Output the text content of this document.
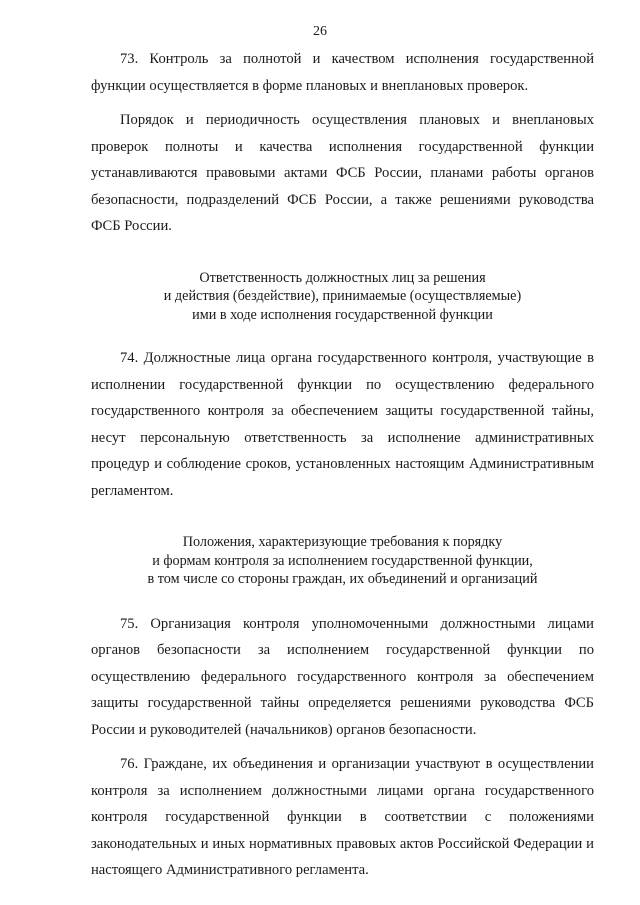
26

73. Контроль за полнотой и качеством исполнения государственной функции осуществляется в форме плановых и внеплановых проверок.

Порядок и периодичность осуществления плановых и внеплановых проверок полноты и качества исполнения государственной функции устанавливаются правовыми актами ФСБ России, планами работы органов безопасности, подразделений ФСБ России, а также решениями руководства ФСБ России.

Ответственность должностных лиц за решения
и действия (бездействие), принимаемые (осуществляемые)
ими в ходе исполнения государственной функции

74. Должностные лица органа государственного контроля, участвующие в исполнении государственной функции по осуществлению федерального государственного контроля за обеспечением защиты государственной тайны, несут персональную ответственность за исполнение административных процедур и соблюдение сроков, установленных настоящим Административным регламентом.

Положения, характеризующие требования к порядку
и формам контроля за исполнением государственной функции,
в том числе со стороны граждан, их объединений и организаций

75. Организация контроля уполномоченными должностными лицами органов безопасности за исполнением государственной функции по осуществлению федерального государственного контроля за обеспечением защиты государственной тайны определяется решениями руководства ФСБ России и руководителей (начальников) органов безопасности.

76. Граждане, их объединения и организации участвуют в осуществлении контроля за исполнением должностными лицами органа государственного контроля государственной функции в соответствии с положениями законодательных и иных нормативных правовых актов Российской Федерации и настоящего Административного регламента.
